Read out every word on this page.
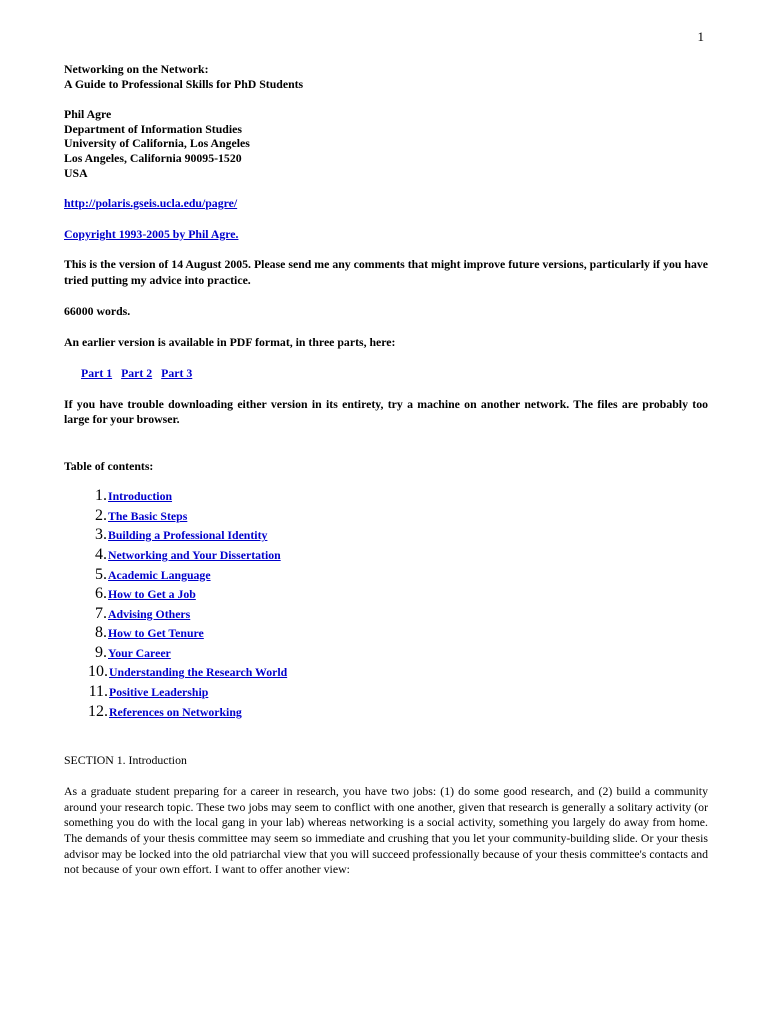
1

Networking on the Network:

A Guide to Professional Skills for PhD Students

Phil Agre

Department of Information Studies

University of California, Los Angeles

Los Angeles, California 90095-1520

USA

http://polaris.gseis.ucla.edu/pagre/

Copyright 1993-2005 by Phil Agre.

This is the version of 14 August 2005. Please send me any comments that might improve future versions, particularly if you have tried putting my advice into practice.

66000 words.

An earlier version is available in PDF format, in three parts, here:

Part 1 Part 2 Part 3

If you have trouble downloading either version in its entirety, try a machine on another network. The files are probably too large for your browser.

Table of contents:

1. Introduction
2. The Basic Steps
3. Building a Professional Identity
4. Networking and Your Dissertation
5. Academic Language
6. How to Get a Job
7. Advising Others
8. How to Get Tenure
9. Your Career
10. Understanding the Research World
11. Positive Leadership
12. References on Networking

SECTION 1. Introduction

As a graduate student preparing for a career in research, you have two jobs: (1) do some good research, and (2) build a community around your research topic. These two jobs may seem to conflict with one another, given that research is generally a solitary activity (or something you do with the local gang in your lab) whereas networking is a social activity, something you largely do away from home. The demands of your thesis committee may seem so immediate and crushing that you let your community-building slide. Or your thesis advisor may be locked into the old patriarchal view that you will succeed professionally because of your thesis committee's contacts and not because of your own effort. I want to offer another view:
